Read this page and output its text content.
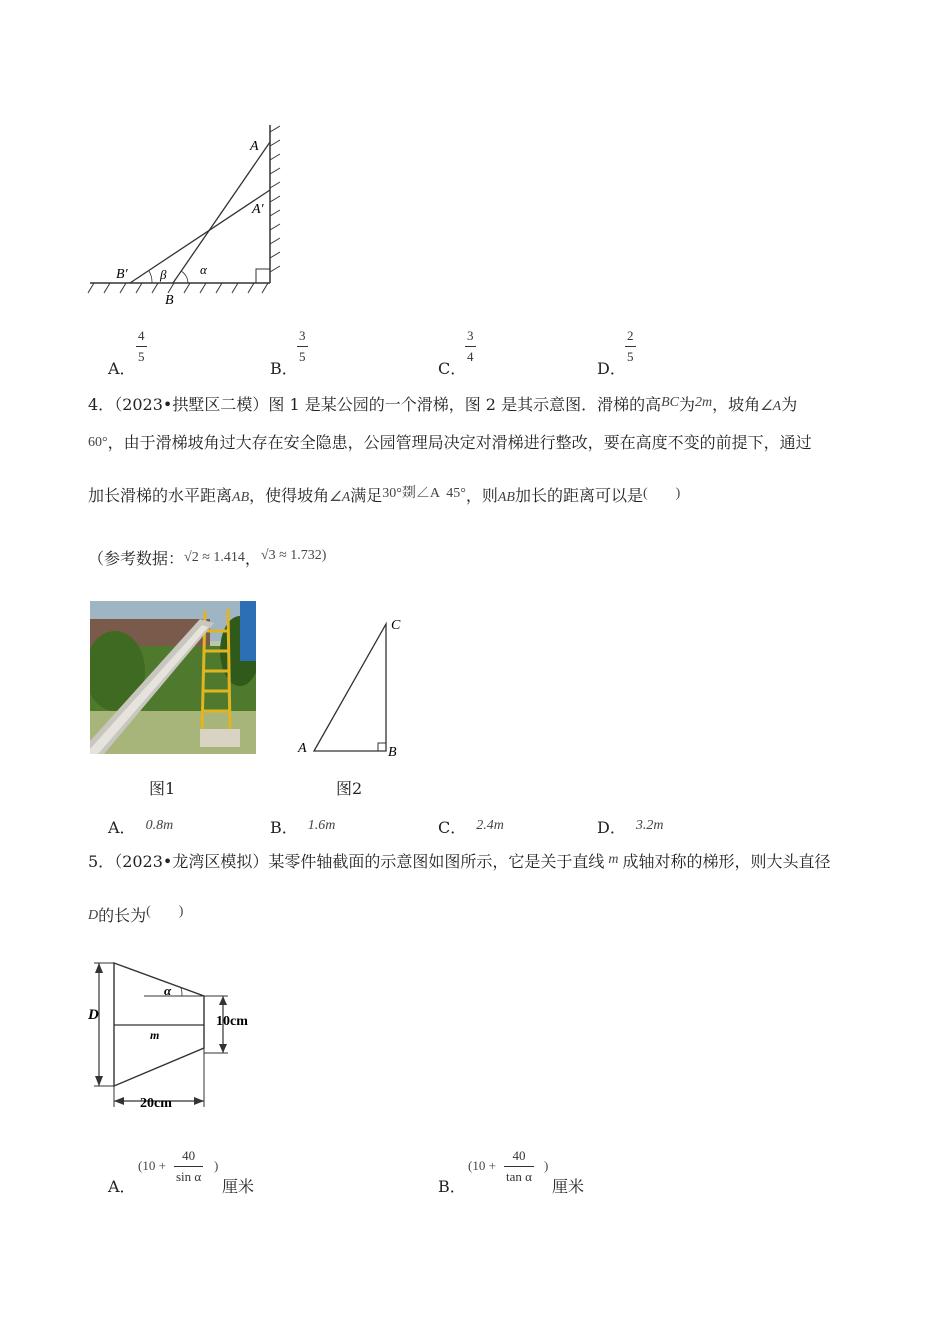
A
A′
B′
B
α
β
A．
4
5
B．
3
5
C．
3
4
D．
2
5
4．（2023•拱墅区二模）图 1 是某公园的一个滑梯，图 2 是其示意图．滑梯的高BC为2m，坡角∠A为
60°，由于滑梯坡角过大存在安全隐患，公园管理局决定对滑梯进行整改，要在高度不变的前提下，通过
加长滑梯的水平距离AB，使得坡角∠A满足30°剟∠A  45°，则AB加长的距离可以是(        )
（参考数据：√2 ≈ 1.414，√3 ≈ 1.732)
图1
A	B
C
图2
A． 0.8m	B． 1.6m	C． 2.4m	D． 3.2m
5．（2023•龙湾区模拟）某零件轴截面的示意图如图所示，它是关于直线 m 成轴对称的梯形，则大头直径
D的长为(        )
D
α
m
10cm
20cm
A．
(10 +
40
sin α
)
厘米	B．
(10 +
40
tan α
)
厘米
